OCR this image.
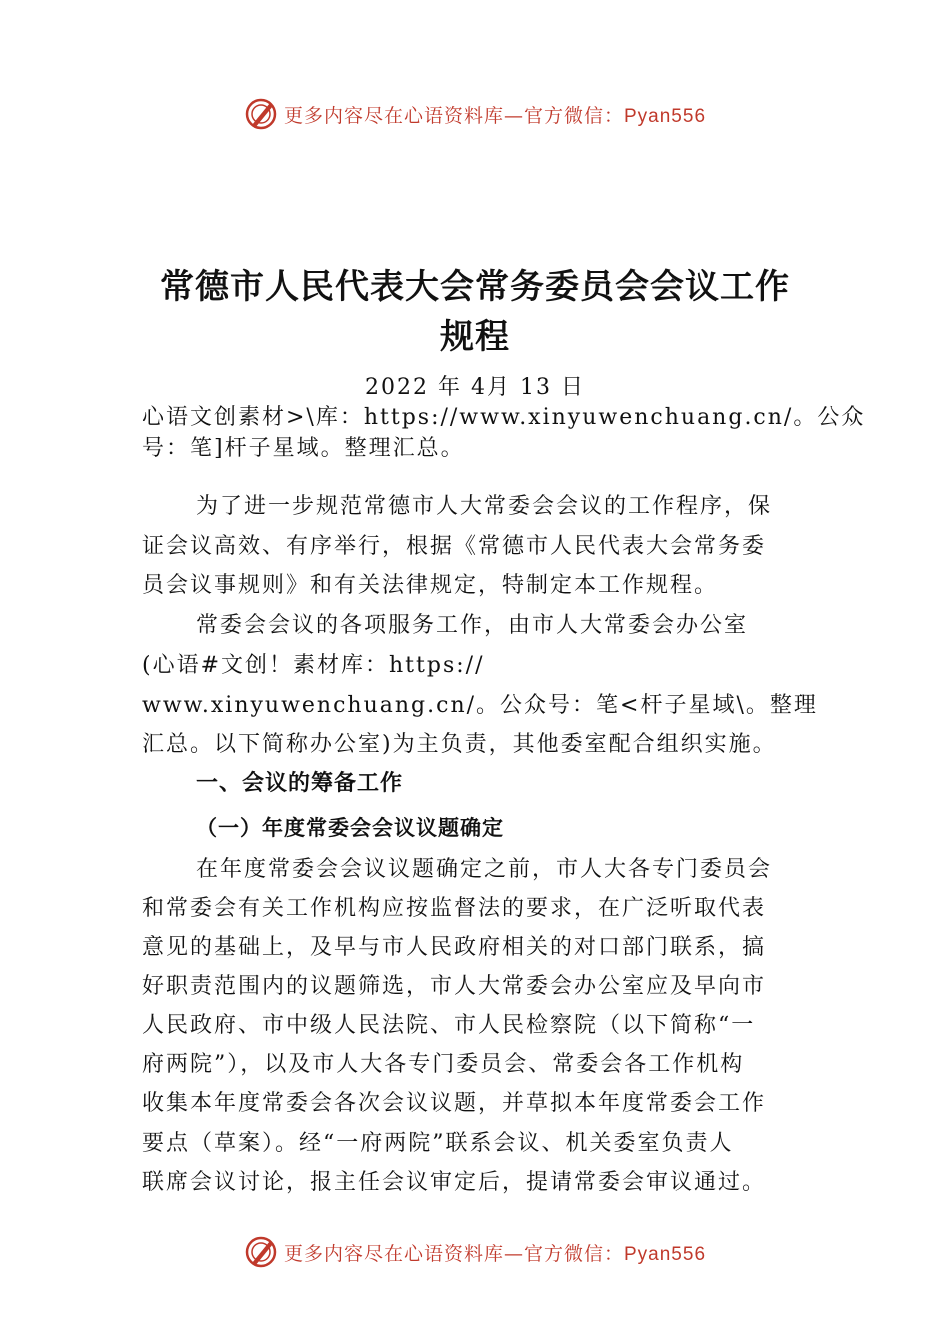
更多内容尽在心语资料库—官方微信：Pyan556
常德市人民代表大会常务委员会会议工作
规程
2022 年 4月 13 日
心语文创素材>\库：https://www.xinyuwenchuang.cn/。公众
号：笔]杆子星域。整理汇总。
为了进一步规范常德市人大常委会会议的工作程序，保
证会议高效、有序举行，根据《常德市人民代表大会常务委
员会议事规则》和有关法律规定，特制定本工作规程。
常委会会议的各项服务工作，由市人大常委会办公室
(心语#文创！素材库：https://
www.xinyuwenchuang.cn/。公众号：笔<杆子星域\。整理
汇总。以下简称办公室)为主负责，其他委室配合组织实施。
一、会议的筹备工作
（一）年度常委会会议议题确定
在年度常委会会议议题确定之前，市人大各专门委员会
和常委会有关工作机构应按监督法的要求，在广泛听取代表
意见的基础上，及早与市人民政府相关的对口部门联系，搞
好职责范围内的议题筛选，市人大常委会办公室应及早向市
人民政府、市中级人民法院、市人民检察院（以下简称“一
府两院”），以及市人大各专门委员会、常委会各工作机构
收集本年度常委会各次会议议题，并草拟本年度常委会工作
要点（草案）。经“一府两院”联系会议、机关委室负责人
联席会议讨论，报主任会议审定后，提请常委会审议通过。
更多内容尽在心语资料库—官方微信：Pyan556
